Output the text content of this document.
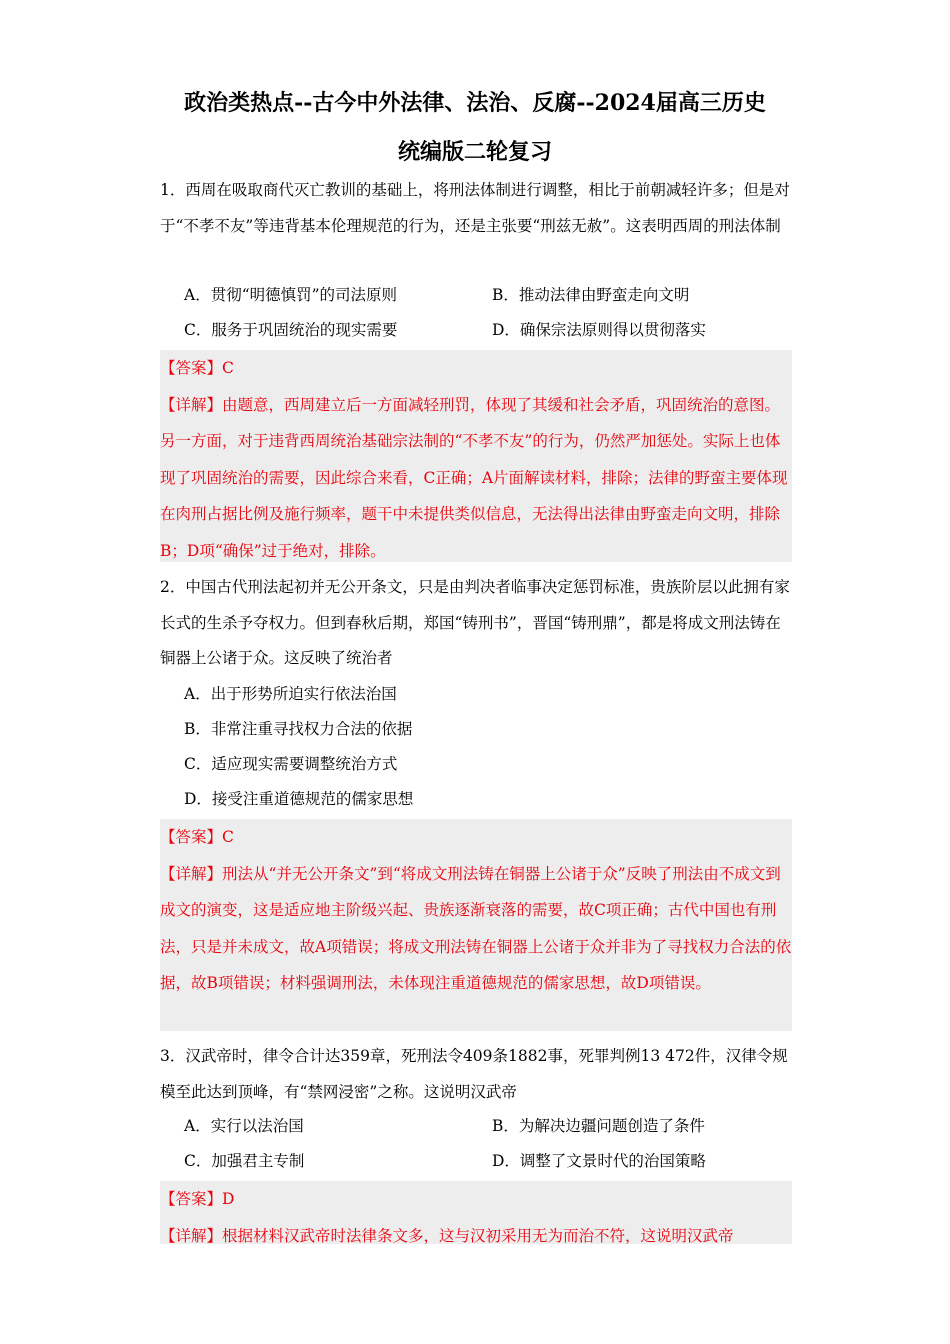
政治类热点--古今中外法律、法治、反腐--2024届高三历史
统编版二轮复习
1．西周在吸取商代灭亡教训的基础上，将刑法体制进行调整，相比于前朝减轻许多；但是对于“不孝不友”等违背基本伦理规范的行为，还是主张要“刑兹无赦”。这表明西周的刑法体制
A．贯彻“明德慎罚”的司法原则	B．推动法律由野蛮走向文明
C．服务于巩固统治的现实需要	D．确保宗法原则得以贯彻落实

【答案】C

【详解】由题意，西周建立后一方面减轻刑罚，体现了其缓和社会矛盾，巩固统治的意图。另一方面，对于违背西周统治基础宗法制的“不孝不友”的行为，仍然严加惩处。实际上也体现了巩固统治的需要，因此综合来看，C正确；A片面解读材料，排除；法律的野蛮主要体现在肉刑占据比例及施行频率，题干中未提供类似信息，无法得出法律由野蛮走向文明，排除B；D项“确保”过于绝对，排除。

2．中国古代刑法起初并无公开条文，只是由判决者临事决定惩罚标准，贵族阶层以此拥有家长式的生杀予夺权力。但到春秋后期，郑国“铸刑书”，晋国“铸刑鼎”，都是将成文刑法铸在铜器上公诸于众。这反映了统治者
A．出于形势所迫实行依法治国
B．非常注重寻找权力合法的依据
C．适应现实需要调整统治方式
D．接受注重道德规范的儒家思想

【答案】C

【详解】刑法从“并无公开条文”到“将成文刑法铸在铜器上公诸于众”反映了刑法由不成文到成文的演变，这是适应地主阶级兴起、贵族逐渐衰落的需要，故C项正确；古代中国也有刑法，只是并未成文，故A项错误；将成文刑法铸在铜器上公诸于众并非为了寻找权力合法的依据，故B项错误；材料强调刑法，未体现注重道德规范的儒家思想，故D项错误。

3．汉武帝时，律令合计达359章，死刑法令409条1882事，死罪判例13 472件，汉律令规模至此达到顶峰，有“禁网浸密”之称。这说明汉武帝
A．实行以法治国	B．为解决边疆问题创造了条件
C．加强君主专制	D．调整了文景时代的治国策略

【答案】D

【详解】根据材料汉武帝时法律条文多，这与汉初采用无为而治不符，这说明汉武帝
